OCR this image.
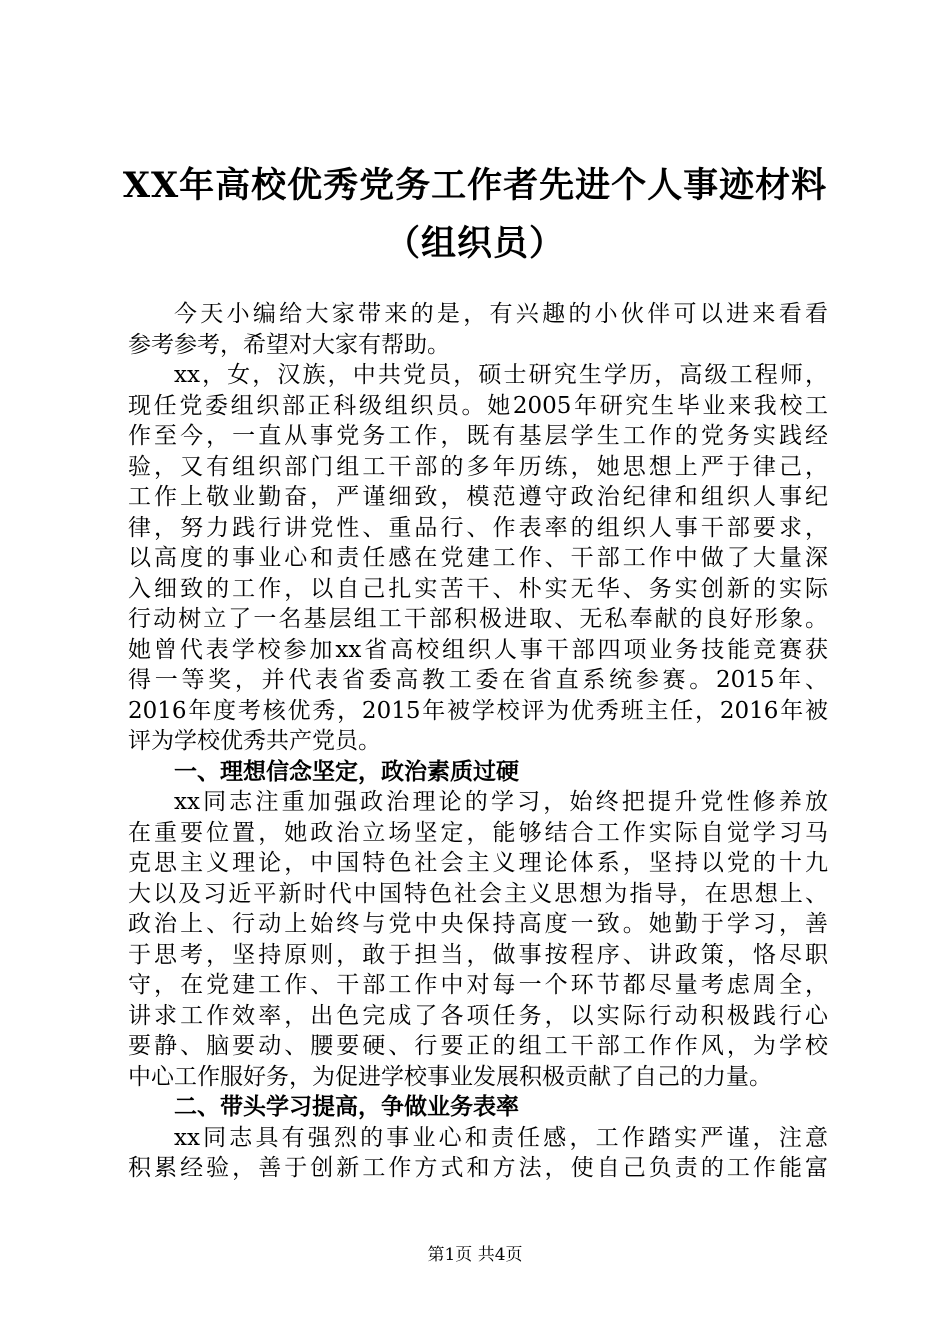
XX年高校优秀党务工作者先进个人事迹材料
（组织员）
今天小编给大家带来的是，有兴趣的小伙伴可以进来看看
参考参考，希望对大家有帮助。
xx，女，汉族，中共党员，硕士研究生学历，高级工程师，
现任党委组织部正科级组织员。她2005年研究生毕业来我校工
作至今，一直从事党务工作，既有基层学生工作的党务实践经
验，又有组织部门组工干部的多年历练，她思想上严于律己，
工作上敬业勤奋，严谨细致，模范遵守政治纪律和组织人事纪
律，努力践行讲党性、重品行、作表率的组织人事干部要求，
以高度的事业心和责任感在党建工作、干部工作中做了大量深
入细致的工作，以自己扎实苦干、朴实无华、务实创新的实际
行动树立了一名基层组工干部积极进取、无私奉献的良好形象。
她曾代表学校参加xx省高校组织人事干部四项业务技能竞赛获
得一等奖，并代表省委高教工委在省直系统参赛。2015年、
2016年度考核优秀，2015年被学校评为优秀班主任，2016年被
评为学校优秀共产党员。
一、理想信念坚定，政治素质过硬
xx同志注重加强政治理论的学习，始终把提升党性修养放
在重要位置，她政治立场坚定，能够结合工作实际自觉学习马
克思主义理论，中国特色社会主义理论体系，坚持以党的十九
大以及习近平新时代中国特色社会主义思想为指导，在思想上、
政治上、行动上始终与党中央保持高度一致。她勤于学习，善
于思考，坚持原则，敢于担当，做事按程序、讲政策，恪尽职
守，在党建工作、干部工作中对每一个环节都尽量考虑周全，
讲求工作效率，出色完成了各项任务，以实际行动积极践行心
要静、脑要动、腰要硬、行要正的组工干部工作作风，为学校
中心工作服好务，为促进学校事业发展积极贡献了自己的力量。
二、带头学习提高，争做业务表率
xx同志具有强烈的事业心和责任感，工作踏实严谨，注意
积累经验，善于创新工作方式和方法，使自己负责的工作能富
第1页 共4页
